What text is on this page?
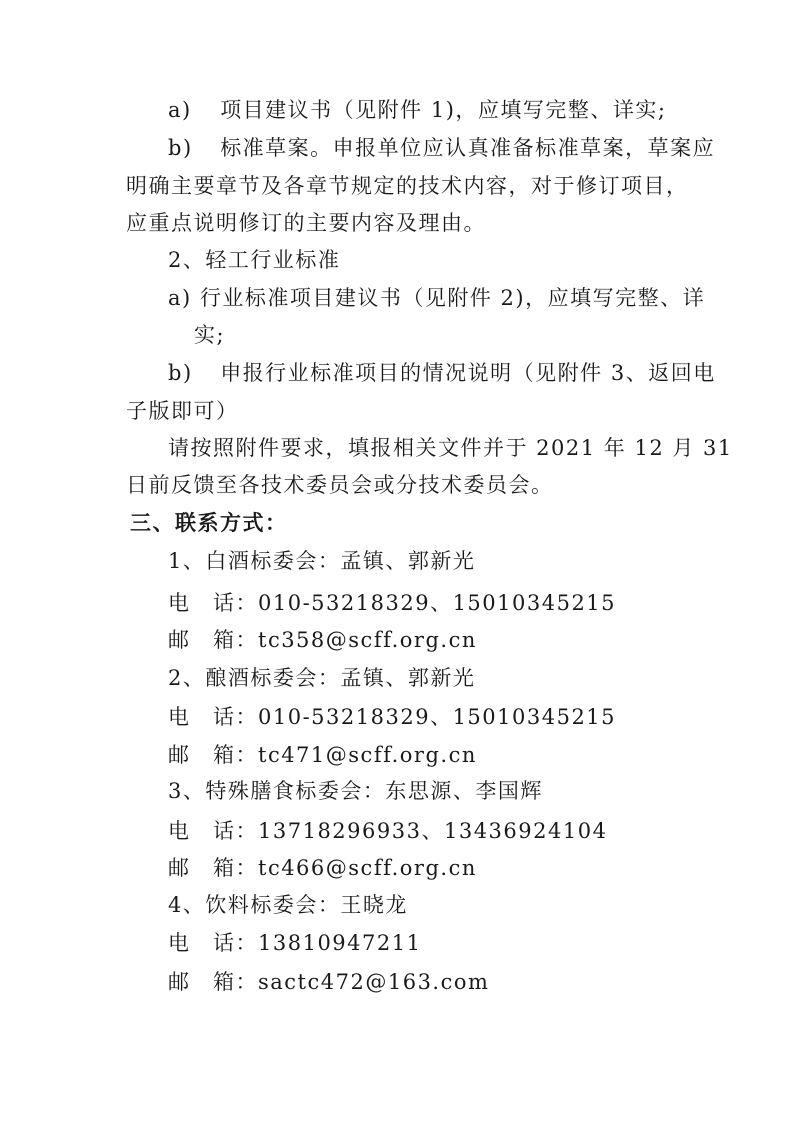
a) 项目建议书（见附件 1)，应填写完整、详实;
b) 标准草案。申报单位应认真准备标准草案，草案应
明确主要章节及各章节规定的技术内容，对于修订项目，
应重点说明修订的主要内容及理由。
2、轻工行业标准
a) 行业标准项目建议书（见附件 2)，应填写完整、详
实;
b) 申报行业标准项目的情况说明（见附件 3、返回电
子版即可）
请按照附件要求，填报相关文件并于 2021 年 12 月 31
日前反馈至各技术委员会或分技术委员会。
三、联系方式：
1、白酒标委会：孟镇、郭新光
电　话：010-53218329、15010345215
邮　箱：tc358@scff.org.cn
2、酿酒标委会：孟镇、郭新光
电　话：010-53218329、15010345215
邮　箱：tc471@scff.org.cn
3、特殊膳食标委会：东思源、李国辉
电　话：13718296933、13436924104
邮　箱：tc466@scff.org.cn
4、饮料标委会：王晓龙
电　话：13810947211
邮　箱：sactc472@163.com
